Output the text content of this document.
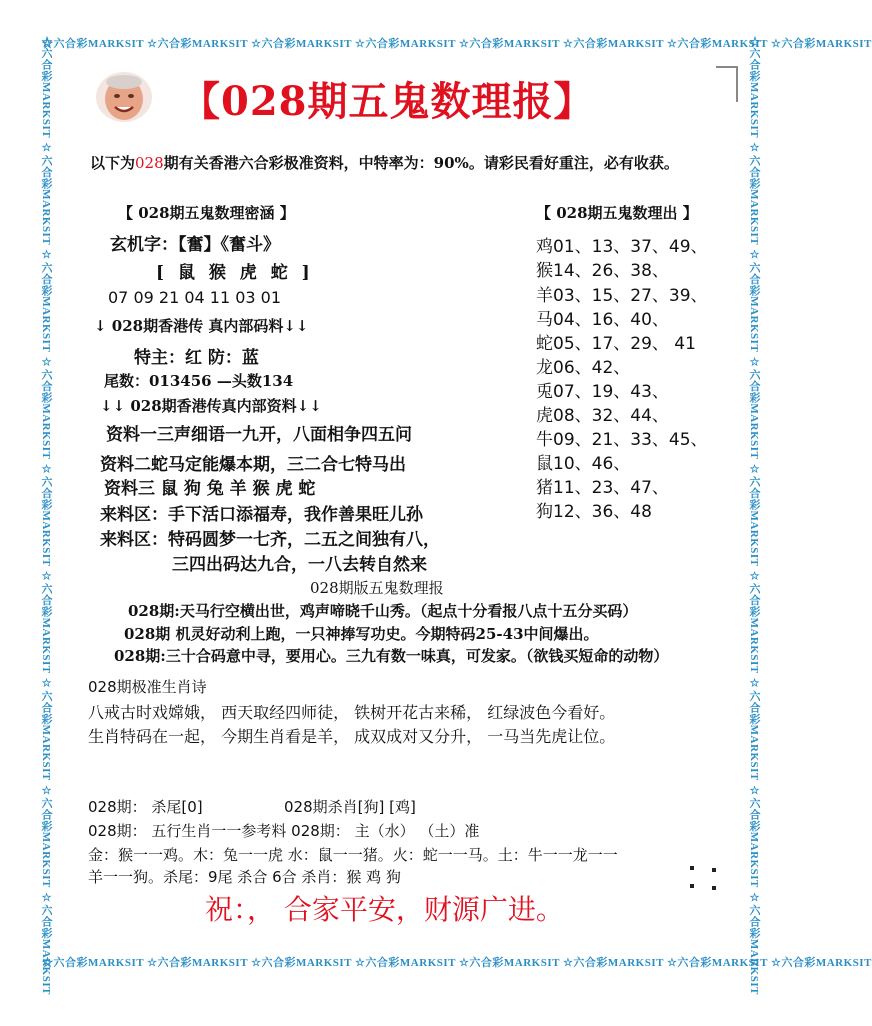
☆六合彩MARKSIT ☆六合彩MARKSIT ☆六合彩MARKSIT ☆六合彩MARKSIT ☆六合彩MARKSIT ☆六合彩MARKSIT ☆六合彩MARKSIT ☆六合彩MARKSIT
☆六合彩MARKSIT ☆六合彩MARKSIT ☆六合彩MARKSIT ☆六合彩MARKSIT ☆六合彩MARKSIT ☆六合彩MARKSIT ☆六合彩MARKSIT ☆六合彩MARKSIT
☆六合彩MARKSIT ☆六合彩MARKSIT ☆六合彩MARKSIT ☆六合彩MARKSIT ☆六合彩MARKSIT ☆六合彩MARKSIT ☆六合彩MARKSIT ☆六合彩MARKSIT ☆六合彩MARKSIT	☆六合彩MARKSIT ☆六合彩MARKSIT ☆六合彩MARKSIT ☆六合彩MARKSIT ☆六合彩MARKSIT ☆六合彩MARKSIT ☆六合彩MARKSIT ☆六合彩MARKSIT ☆六合彩MARKSIT
【028期五鬼数理报】
以下为028期有关香港六合彩极准资料，中特率为：90%。请彩民看好重注，必有收获。
【 028期五鬼数理密涵 】
玄机字：【奮】《奮斗》
[ 鼠 猴 虎 蛇 ]
07 09 21 04 11 03 01
↓ 028期香港传 真内部码料↓↓
特主：红 防：蓝
尾数：013456 —头数134
↓↓ 028期香港传真内部资料↓↓
资料一三声细语一九开，八面相争四五问
资料二蛇马定能爆本期，三二合七特马出
资料三 鼠 狗 兔 羊 猴 虎 蛇
来料区：手下活口添福寿，我作善果旺儿孙
来料区：特码圆梦一七齐，二五之间独有八，
三四出码达九合，一八去转自然来
【 028期五鬼数理出 】
鸡01、13、37、49、
猴14、26、38、
羊03、15、27、39、
马04、16、40、
蛇05、17、29、 41
龙06、42、
兎07、19、43、
虎08、32、44、
牛09、21、33、45、
鼠10、46、
猪11、23、47、
狗12、36、48
028期版五鬼数理报
028期:天马行空横出世，鸡声啼晓千山秀。（起点十分看报八点十五分买码）
028期 机灵好动利上跑，一只神捧写功史。今期特码25-43中间爆出。
028期:三十合码意中寻，要用心。三九有数一味真，可发家。（欲钱买短命的动物）
028期极准生肖诗
八戒古时戏嫦娥， 西天取经四师徒， 铁树开花古来稀， 红绿波色今看好。
生肖特码在一起， 今期生肖看是羊， 成双成对又分升， 一马当先虎让位。
028期： 杀尾[0]	028期杀肖[狗] [鸡]
028期： 五行生肖一一参考料 028期： 主（水） （土）准
金：猴一一鸡。木：兔一一虎 水：鼠一一猪。火：蛇一一马。土：牛一一龙一一
羊一一狗。杀尾：9尾 杀合 6合 杀肖：猴 鸡 狗
祝：， 合家平安，财源广进。
